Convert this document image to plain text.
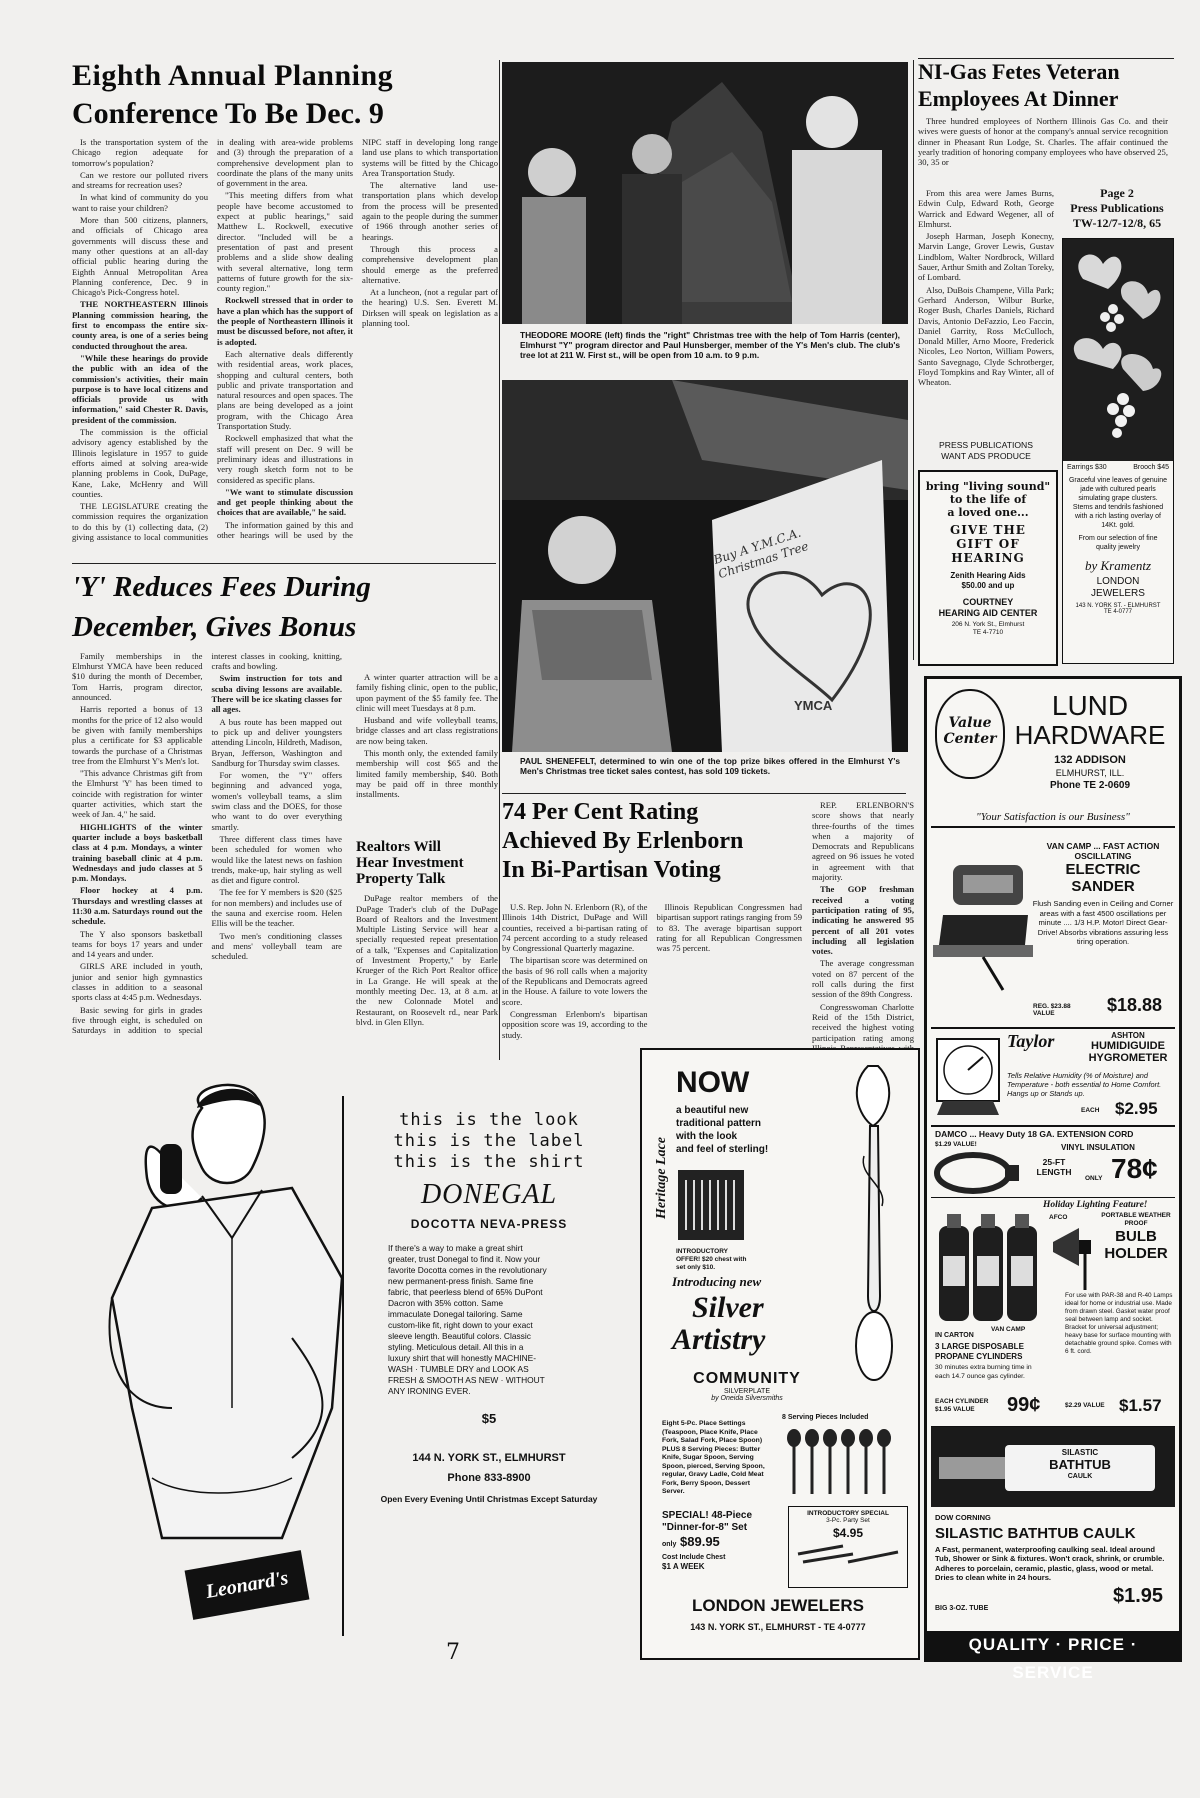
Eighth Annual Planning
Conference To Be Dec. 9

Is the transportation system of the Chicago region adequate for tomorrow's population?

Can we restore our polluted rivers and streams for recreation uses?

In what kind of community do you want to raise your children?

More than 500 citizens, planners, and officials of Chicago area governments will discuss these and many other questions at an all-day official public hearing during the Eighth Annual Metropolitan Area Planning conference, Dec. 9 in Chicago's Pick-Congress hotel.

THE NORTHEASTERN Illinois Planning commission hearing, the first to encompass the entire six-county area, is one of a series being conducted throughout the area.

"While these hearings do provide the public with an idea of the commission's activities, their main purpose is to have local citizens and officials provide us with information," said Chester R. Davis, president of the commission.

The commission is the official advisory agency established by the Illinois legislature in 1957 to guide efforts aimed at solving area-wide planning problems in Cook, DuPage, Kane, Lake, McHenry and Will counties.

THE LEGISLATURE creating the commission requires the organization to do this by (1) collecting data, (2) giving assistance to local communities in dealing with area-wide problems and (3) through the preparation of a comprehensive development plan to coordinate the plans of the many units of government in the area.

"This meeting differs from what people have become accustomed to expect at public hearings," said Matthew L. Rockwell, executive director. "Included will be a presentation of past and present problems and a slide show dealing with several alternative, long term patterns of future growth for the six-county region."

Rockwell stressed that in order to have a plan which has the support of the people of Northeastern Illinois it must be discussed before, not after, it is adopted.

Each alternative deals differently with residential areas, work places, shopping and cultural centers, both public and private transportation and natural resources and open spaces. The plans are being developed as a joint program, with the Chicago Area Transportation Study.

Rockwell emphasized that what the staff will present on Dec. 9 will be preliminary ideas and illustrations in very rough sketch form not to be considered as specific plans.

"We want to stimulate discussion and get people thinking about the choices that are available," he said.

The information gained by this and other hearings will be used by the NIPC staff in developing long range land use plans to which transportation systems will be fitted by the Chicago Area Transportation Study.

The alternative land use-transportation plans which develop from the process will be presented again to the people during the summer of 1966 through another series of hearings.

Through this process a comprehensive development plan should emerge as the preferred alternative.

At a luncheon, (not a regular part of the hearing) U.S. Sen. Everett M. Dirksen will speak on legislation as a planning tool.

'Y' Reduces Fees During
December, Gives Bonus

Family memberships in the Elmhurst YMCA have been reduced $10 during the month of December, Tom Harris, program director, announced.

Harris reported a bonus of 13 months for the price of 12 also would be given with family memberships plus a certificate for $3 applicable towards the purchase of a Christmas tree from the Elmhurst Y's Men's lot.

"This advance Christmas gift from the Elmhurst 'Y' has been timed to coincide with registration for winter quarter activities, which start the week of Jan. 4," he said.

HIGHLIGHTS of the winter quarter include a boys basketball class at 4 p.m. Mondays, a winter training baseball clinic at 4 p.m. Wednesdays and judo classes at 5 p.m. Mondays.

Floor hockey at 4 p.m. Thursdays and wrestling classes at 11:30 a.m. Saturdays round out the schedule.

The Y also sponsors basketball teams for boys 17 years and under and 14 years and under.

GIRLS ARE included in youth, junior and senior high gymnastics classes in addition to a seasonal sports class at 4:45 p.m. Wednesdays.

Basic sewing for girls in grades five through eight, is scheduled on Saturdays in addition to special interest classes in cooking, knitting, crafts and bowling.

Swim instruction for tots and scuba diving lessons are available. There will be ice skating classes for all ages.

A bus route has been mapped out to pick up and deliver youngsters attending Lincoln, Hildreth, Madison, Bryan, Jefferson, Washington and Sandburg for Thursday swim classes.

For women, the "Y" offers beginning and advanced yoga, women's volleyball teams, a slim swim class and the DOES, for those who want to do over everything smartly.

Three different class times have been scheduled for women who would like the latest news on fashion trends, make-up, hair styling as well as diet and figure control.

The fee for Y members is $20 ($25 for non members) and includes use of the sauna and exercise room. Helen Ellis will be the teacher.

Two men's conditioning classes and mens' volleyball team are scheduled.

A winter quarter attraction will be a family fishing clinic, open to the public, upon payment of the $5 family fee. The clinic will meet Tuesdays at 8 p.m.

Husband and wife volleyball teams, bridge classes and art class registrations are now being taken.

This month only, the extended family membership will cost $65 and the limited family membership, $40. Both may be paid off in three monthly installments.

Realtors Will
Hear Investment
Property Talk

DuPage realtor members of the DuPage Trader's club of the DuPage Board of Realtors and the Investment Multiple Listing Service will hear a specially requested repeat presentation of a talk, "Expenses and Capitalization of Investment Property," by Earle Krueger of the Rich Port Realtor office in La Grange. He will speak at the monthly meeting Dec. 13, at 8 a.m. at the new Colonnade Motel and Restaurant, on Roosevelt rd., near Park blvd. in Glen Ellyn.

THEODORE MOORE (left) finds the "right" Christmas tree with the help of Tom Harris (center), Elmhurst "Y" program director and Paul Hunsberger, member of the Y's Men's club. The club's tree lot at 211 W. First st., will be open from 10 a.m. to 9 p.m.
Buy A Y.M.C.A. Christmas Tree
YMCA
PAUL SHENEFELT, determined to win one of the top prize bikes offered in the Elmhurst Y's Men's Christmas tree ticket sales contest, has sold 109 tickets.
74 Per Cent Rating
Achieved By Erlenborn
In Bi-Partisan Voting

REP. ERLENBORN'S score shows that nearly three-fourths of the times when a majority of Democrats and Republicans agreed on 96 issues he voted in agreement with that majority.

The GOP freshman received a voting participation rating of 95, indicating he answered 95 percent of all 201 votes including all legislation votes.

The average congressman voted on 87 percent of the roll calls during the first session of the 89th Congress.

Congresswoman Charlotte Reid of the 15th District, received the highest voting participation rating among

U.S. Rep. John N. Erlenborn (R), of the Illinois 14th District, DuPage and Will counties, received a bi-partisan rating of 74 percent according to a study released by Congressional Quarterly magazine.

The bipartisan score was determined on the basis of 96 roll calls when a majority of the Republicans and Democrats agreed in the House. A failure to vote lowers the score.

Congressman Erlenborn's bipartisan opposition score was 19, according to the study.

Illinois Republican Congressmen had bipartisan support ratings ranging from 59 to 83. The average bipartisan support rating for all Republican Congressmen was 75 percent.

NI-Gas Fetes Veteran
Employees At Dinner

Three hundred employees of Northern Illinois Gas Co. and their wives were guests of honor at the company's annual service recognition dinner in Pheasant Run Lodge, St. Charles. The affair continued the yearly tradition of honoring company employees who have observed 25, 30, 35 or

From this area were James Burns, Edwin Culp, Edward Roth, George Warrick and Edward Wegener, all of Elmhurst.

Joseph Harman, Joseph Konecny, Marvin Lange, Grover Lewis, Gustav Lindblom, Walter Nordbrock, Willard Sauer, Arthur Smith and Zoltan Toreky, of Lombard.

Also, DuBois Champene, Villa Park; Gerhard Anderson, Wilbur Burke, Roger Bush, Charles Daniels, Richard Davis, Antonio DeFazzio, Leo Faccin, Daniel Garrity, Ross McCulloch, Donald Miller, Arno Moore, Frederick Nicoles, Leo Norton, William Powers, Santo Savegnago, Clyde Schrotberger, Floyd Tompkins and Ray Winter, all of Wheaton.

PRESS PUBLICATIONS
WANT ADS PRODUCE
Page 2
Press Publications
TW-12/7-12/8, 65
Earrings $30	Brooch $45
Graceful vine leaves of genuine jade with cultured pearls simulating grape clusters. Stems and tendrils fashioned with a rich lasting overlay of 14Kt. gold.
From our selection of fine quality jewelry
by Kramentz
LONDON
JEWELERS
143 N. YORK ST. - ELMHURST
TE 4-0777
bring "living sound"
to the life of
a loved one...
GIVE THE
GIFT OF
HEARING
Zenith Hearing Aids
$50.00 and up
COURTNEY
HEARING AID CENTER
206 N. York St., Elmhurst
TE 4-7710
Value
Center
LUND
HARDWARE
132 ADDISON
ELMHURST, ILL.
Phone TE 2-0609
"Your Satisfaction is our Business"
VAN CAMP ... FAST ACTION
OSCILLATING
ELECTRIC
SANDER
Flush Sanding even in Ceiling and Corner areas with a fast 4500 oscillations per minute .... 1/3 H.P. Motor! Direct Gear-Drive! Absorbs vibrations assuring less tiring operation.
REG. $23.88 VALUE	$18.88
Taylor	ASHTON
HUMIDIGUIDE
HYGROMETER
Tells Relative Humidity (% of Moisture) and Temperature - both essential to Home Comfort. Hangs up or Stands up.
EACH $2.95
DAMCO ... Heavy Duty 18 GA. EXTENSION CORD
$1.29 VALUE!	VINYL INSULATION
25-FT LENGTH
ONLY 78¢
Holiday Lighting Feature!
VAN CAMP
IN CARTON
3 LARGE DISPOSABLE
PROPANE CYLINDERS
30 minutes extra burning time in each 14.7 ounce gas cylinder.
EACH CYLINDER $1.95 VALUE	99¢
AFCO	PORTABLE WEATHER PROOF
BULB
HOLDER
For use with PAR-38 and R-40 Lamps ideal for home or industrial use. Made from drawn steel. Gasket water proof seal between lamp and socket. Bracket for universal adjustment; heavy base for surface mounting with detachable ground spike. Comes with 6 ft. cord.
$2.29 VALUE $1.57
SILASTIC
BATHTUB
CAULK
DOW CORNING
SILASTIC BATHTUB CAULK
A Fast, permanent, waterproofing caulking seal. Ideal around Tub, Shower or Sink & fixtures. Won't crack, shrink, or crumble. Adheres to porcelain, ceramic, plastic, glass, wood or metal. Dries to clean white in 24 hours.
BIG 3-OZ. TUBE
$1.95
QUALITY · PRICE · SERVICE
this is the look
this is the label
this is the shirt
DONEGAL
DOCOTTA NEVA-PRESS
If there's a way to make a great shirt greater, trust Donegal to find it. Now your favorite Docotta comes in the revolutionary new permanent-press finish. Same fine fabric, that peerless blend of 65% DuPont Dacron with 35% cotton. Same immaculate Donegal tailoring. Same custom-like fit, right down to your exact sleeve length. Beautiful colors. Classic styling. Meticulous detail. All this in a luxury shirt that will honestly MACHINE-WASH · TUMBLE DRY and LOOK AS FRESH & SMOOTH AS NEW · WITHOUT ANY IRONING EVER.
$5
144 N. YORK ST., ELMHURST
Phone 833-8900
Open Every Evening Until Christmas Except Saturday
Leonard's
Heritage Lace
NOW
a beautiful new
traditional pattern
with the look
and feel of sterling!
INTRODUCTORY
OFFER! $20 chest with set only $10.
Introducing new
Silver
Artistry
COMMUNITY
SILVERPLATE
by Oneida Silversmiths
8 Serving Pieces Included
Eight 5-Pc. Place Settings (Teaspoon, Place Knife, Place Fork, Salad Fork, Place Spoon) PLUS 8 Serving Pieces: Butter Knife, Sugar Spoon, Serving Spoon, pierced, Serving Spoon, regular, Gravy Ladle, Cold Meat Fork, Berry Spoon, Dessert Server.
SPECIAL! 48-Piece
"Dinner-for-8" Set
only $89.95
Cost Include Chest
$1 A WEEK
INTRODUCTORY SPECIAL
3-Pc. Party Set
$4.95
LONDON JEWELERS
143 N. YORK ST., ELMHURST - TE 4-0777
7
